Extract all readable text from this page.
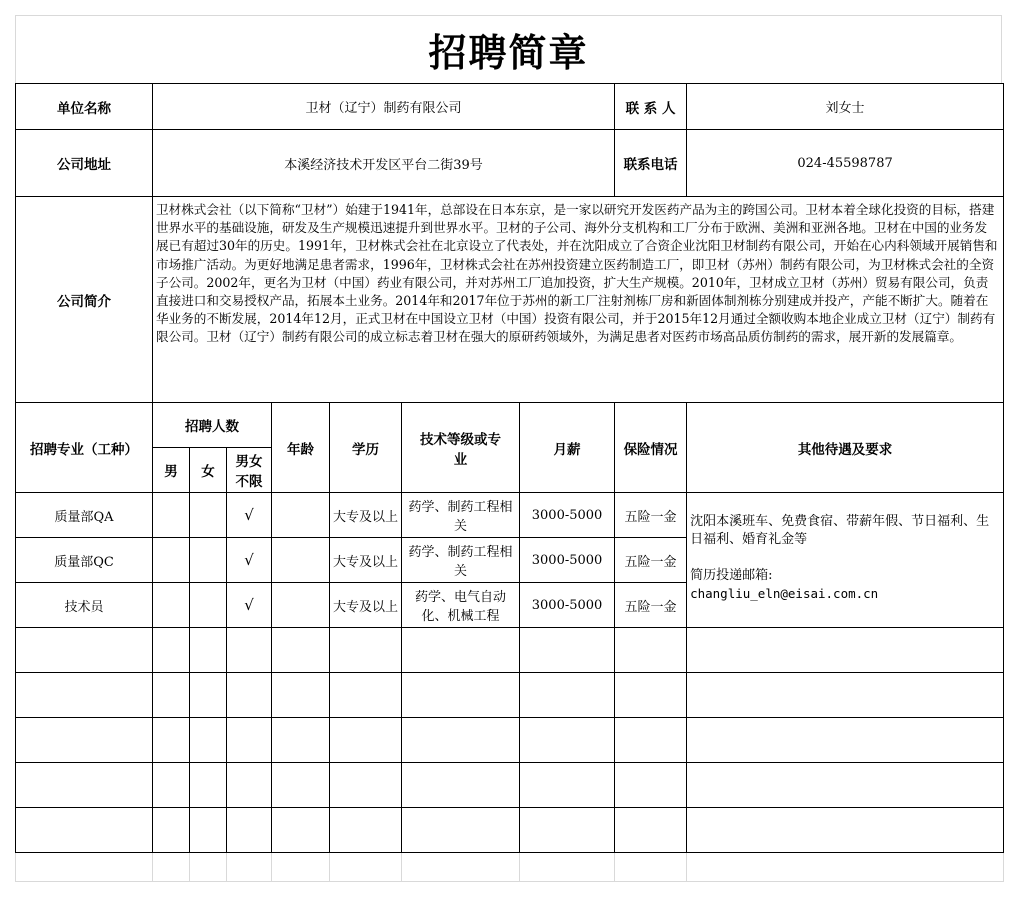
招聘简章
单位名称	卫材（辽宁）制药有限公司							联 系 人	刘女士
公司地址	本溪经济技术开发区平台二街39号							联系电话	024-45598787
公司简介	卫材株式会社（以下简称“卫材”）始建于1941年，总部设在日本东京，是一家以研究开发医药产品为主的跨国公司。卫材本着全球化投资的目标，搭建世界水平的基础设施，研发及生产规模迅速提升到世界水平。卫材的子公司、海外分支机构和工厂分布于欧洲、美洲和亚洲各地。卫材在中国的业务发展已有超过30年的历史。1991年，卫材株式会社在北京设立了代表处，并在沈阳成立了合资企业沈阳卫材制药有限公司，开始在心内科领域开展销售和市场推广活动。为更好地满足患者需求，1996年，卫材株式会社在苏州投资建立医药制造工厂，即卫材（苏州）制药有限公司，为卫材株式会社的全资子公司。2002年，更名为卫材（中国）药业有限公司，并对苏州工厂追加投资，扩大生产规模。2010年，卫材成立卫材（苏州）贸易有限公司，负责直接进口和交易授权产品，拓展本土业务。2014年和2017年位于苏州的新工厂注射剂栋厂房和新固体制剂栋分别建成并投产，产能不断扩大。随着在华业务的不断发展，2014年12月，正式卫材在中国设立卫材（中国）投资有限公司，并于2015年12月通过全额收购本地企业成立卫材（辽宁）制药有限公司。卫材（辽宁）制药有限公司的成立标志着卫材在强大的原研药领域外，为满足患者对医药市场高品质仿制药的需求，展开新的发展篇章。								
招聘专业（工种）	招聘人数			年龄	学历	技术等级或专业	月薪	保险情况	其他待遇及要求
	男	女	男女不限						
质量部QA			√		大专及以上	药学、制药工程相关	3000-5000	五险一金	沈阳本溪班车、免费食宿、带薪年假、节日福利、生日福利、婚育礼金等

简历投递邮箱:

changliu_eln@eisai.com.cn

质量部QC			√		大专及以上	药学、制药工程相关	3000-5000	五险一金	
技术员			√		大专及以上	药学、电气自动化、机械工程	3000-5000	五险一金	
